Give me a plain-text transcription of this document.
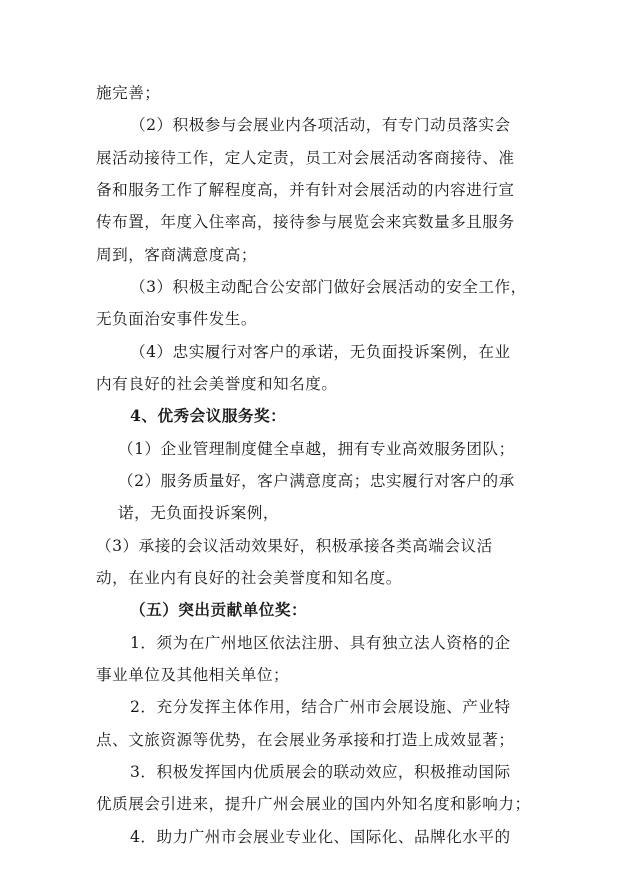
施完善；
（2）积极参与会展业内各项活动，有专门动员落实会
展活动接待工作，定人定责，员工对会展活动客商接待、准
备和服务工作了解程度高，并有针对会展活动的内容进行宣
传布置，年度入住率高，接待参与展览会来宾数量多且服务
周到，客商满意度高；
（3）积极主动配合公安部门做好会展活动的安全工作，
无负面治安事件发生。
（4）忠实履行对客户的承诺，无负面投诉案例，在业
内有良好的社会美誉度和知名度。
4、优秀会议服务奖：
（1）企业管理制度健全卓越，拥有专业高效服务团队；
（2）服务质量好，客户满意度高；忠实履行对客户的承
诺，无负面投诉案例，
（3）承接的会议活动效果好，积极承接各类高端会议活
动，在业内有良好的社会美誉度和知名度。
（五）突出贡献单位奖：
1．须为在广州地区依法注册、具有独立法人资格的企
事业单位及其他相关单位；
2．充分发挥主体作用，结合广州市会展设施、产业特
点、文旅资源等优势，在会展业务承接和打造上成效显著；
3．积极发挥国内优质展会的联动效应，积极推动国际
优质展会引进来，提升广州会展业的国内外知名度和影响力；
4．助力广州市会展业专业化、国际化、品牌化水平的
